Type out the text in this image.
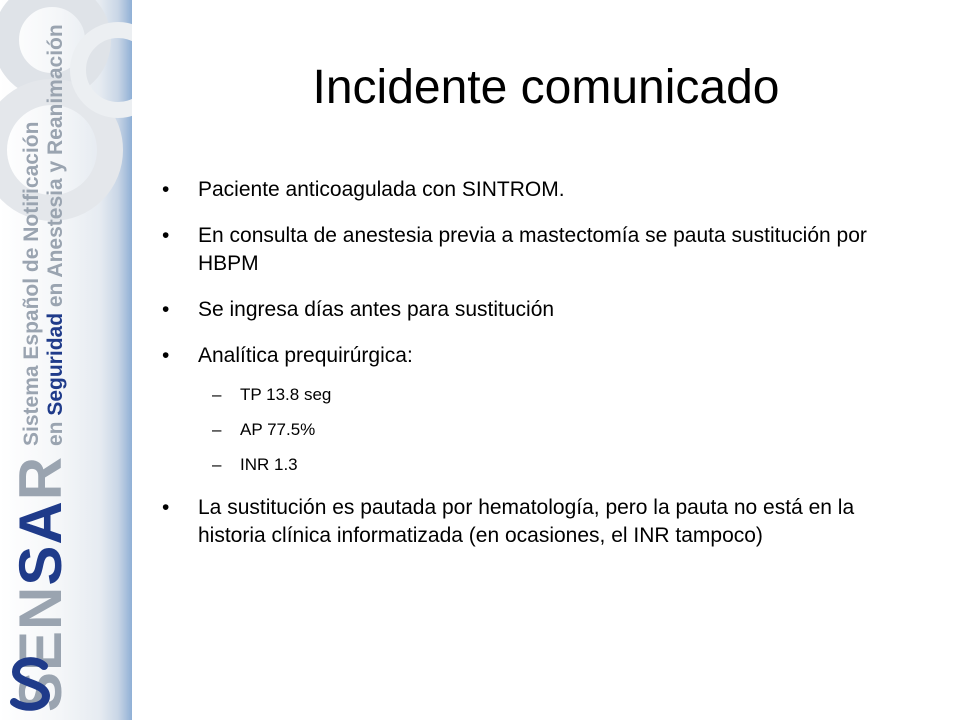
Sistema Español de Notificación en Seguridad en Anestesia y Reanimación
SENSAR
Incidente comunicado
•	Paciente anticoagulada con SINTROM.
•	En consulta de anestesia previa a mastectomía se pauta sustitución por HBPM
•	Se ingresa días antes para sustitución
•	Analítica prequirúrgica:
– TP 13.8 seg
– AP 77.5%
– INR 1.3
•	La sustitución es pautada por hematología, pero la pauta no está en la historia clínica informatizada (en ocasiones, el INR tampoco)
